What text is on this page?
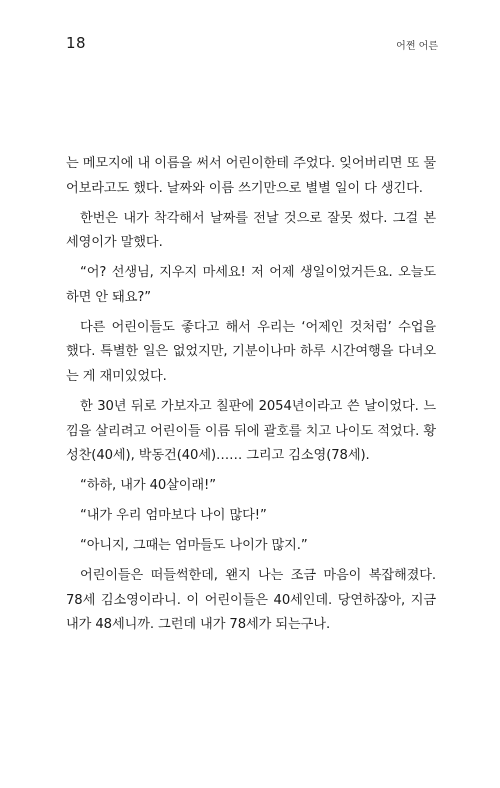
18	어쩐 어른

는 메모지에 내 이름을 써서 어린이한테 주었다. 잊어버리면 또 물어보라고도 했다. 날짜와 이름 쓰기만으로 별별 일이 다 생긴다.

한번은 내가 착각해서 날짜를 전날 것으로 잘못 썼다. 그걸 본 세영이가 말했다.

“어? 선생님, 지우지 마세요! 저 어제 생일이었거든요. 오늘도 하면 안 돼요?”

다른 어린이들도 좋다고 해서 우리는 ‘어제인 것처럼’ 수업을 했다. 특별한 일은 없었지만, 기분이나마 하루 시간여행을 다녀오는 게 재미있었다.

한 30년 뒤로 가보자고 칠판에 2054년이라고 쓴 날이었다. 느낌을 살리려고 어린이들 이름 뒤에 괄호를 치고 나이도 적었다. 황성찬(40세), 박동건(40세)…… 그리고 김소영(78세).

“하하, 내가 40살이래!”

“내가 우리 엄마보다 나이 많다!”

“아니지, 그때는 엄마들도 나이가 많지.”

어린이들은 떠들썩한데, 왠지 나는 조금 마음이 복잡해졌다. 78세 김소영이라니. 이 어린이들은 40세인데. 당연하잖아, 지금 내가 48세니까. 그런데 내가 78세가 되는구나.
